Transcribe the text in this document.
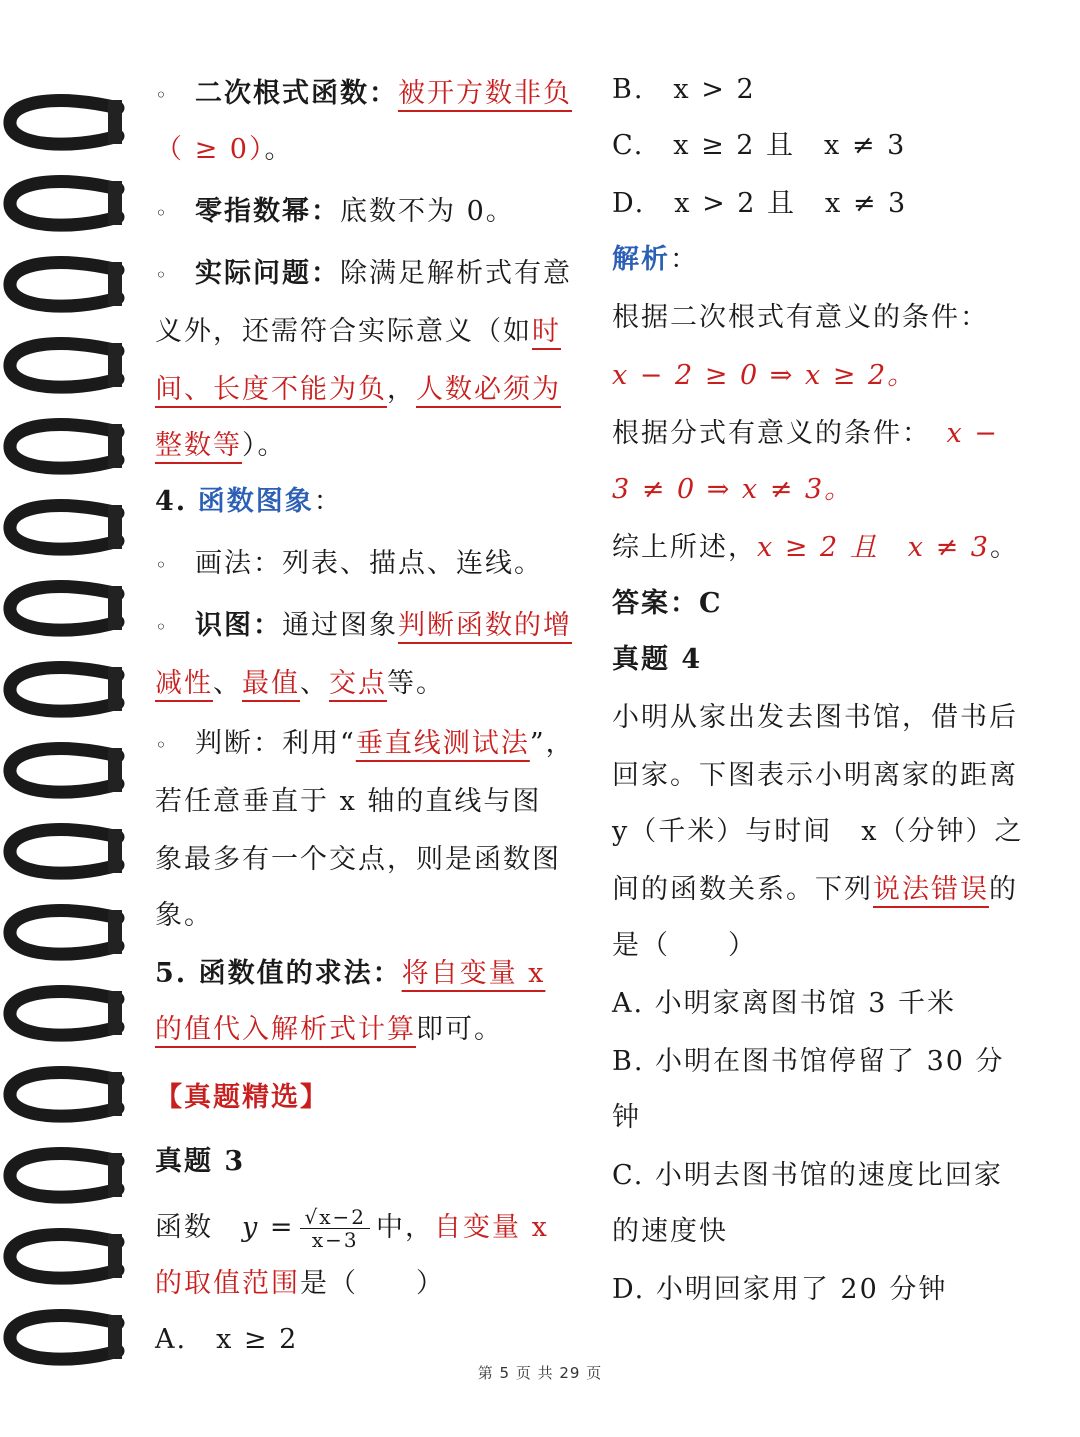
◦ 二次根式函数：被开方数非负
（ ≥ 0）。
◦ 零指数幂：底数不为 0。
◦ 实际问题：除满足解析式有意
义外，还需符合实际意义（如时
间、长度不能为负，人数必须为
整数等）。
4. 函数图象：
◦ 画法：列表、描点、连线。
◦ 识图：通过图象判断函数的增
减性、最值、交点等。
◦ 判断：利用“垂直线测试法”，
若任意垂直于 x 轴的直线与图
象最多有一个交点，则是函数图
象。
5. 函数值的求法：将自变量 x
的值代入解析式计算即可。
【真题精选】
真题 3
函数　 $y = \frac{√x-2}{x-3}$ 中，自变量 x
的取值范围是（　　）
A.　x ≥ 2
B.　x > 2
C.　x ≥ 2 且　x ≠ 3
D.　x > 2 且　x ≠ 3
解析：
根据二次根式有意义的条件：
x − 2 ≥ 0 ⇒ x ≥ 2。
根据分式有意义的条件：　 x −
3 ≠ 0 ⇒ x ≠ 3。
综上所述，x ≥ 2 且　x ≠ 3。
答案：C
真题 4
小明从家出发去图书馆，借书后
回家。下图表示小明离家的距离
y（千米）与时间　x（分钟）之
间的函数关系。下列说法错误的
是（　　）
A. 小明家离图书馆 3 千米
B. 小明在图书馆停留了 30 分
钟
C. 小明去图书馆的速度比回家
的速度快
D. 小明回家用了 20 分钟
第 5 页 共 29 页
